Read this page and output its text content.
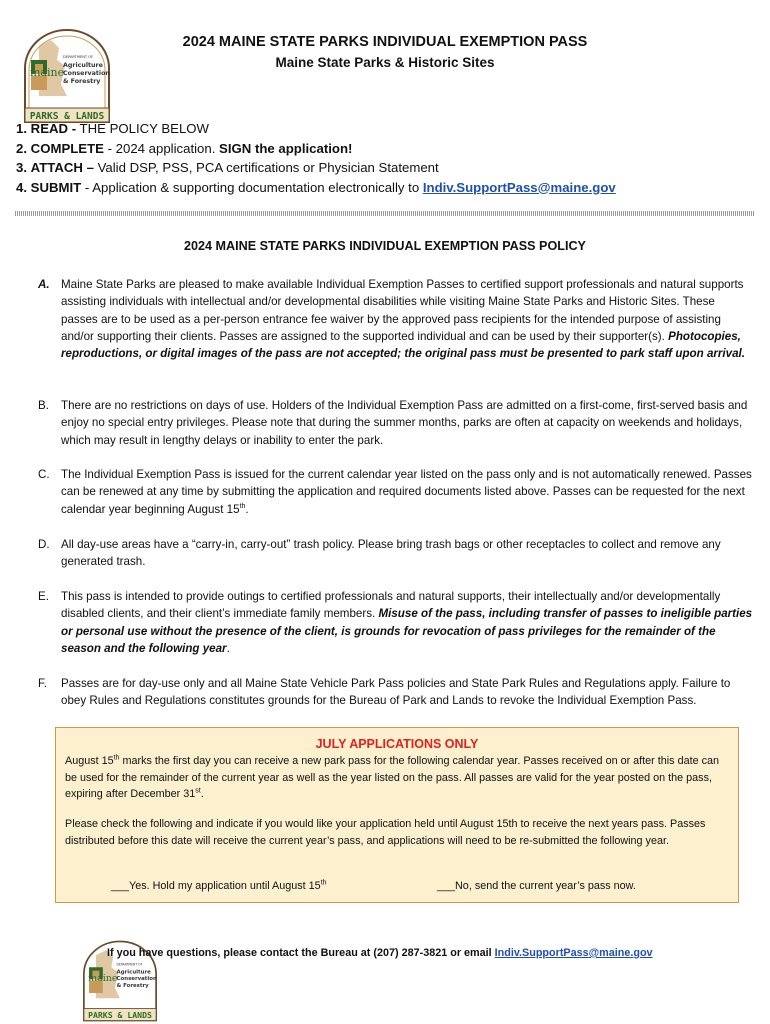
maine
DEPARTMENT OF
Agriculture
Conservation
& Forestry
PARKS & LANDS

2024 MAINE STATE PARKS INDIVIDUAL EXEMPTION PASS

Maine State Parks & Historic Sites

1. READ - THE POLICY BELOW
2. COMPLETE - 2024 application. SIGN the application!
3. ATTACH – Valid DSP, PSS, PCA certifications or Physician Statement
4. SUBMIT - Application & supporting documentation electronically to Indiv.SupportPass@maine.gov
2024 MAINE STATE PARKS INDIVIDUAL EXEMPTION PASS POLICY
A. Maine State Parks are pleased to make available Individual Exemption Passes to certified support professionals and natural supports assisting individuals with intellectual and/or developmental disabilities while visiting Maine State Parks and Historic Sites. These passes are to be used as a per-person entrance fee waiver by the approved pass recipients for the intended purpose of assisting and/or supporting their clients. Passes are assigned to the supported individual and can be used by their supporter(s). Photocopies, reproductions, or digital images of the pass are not accepted; the original pass must be presented to park staff upon arrival.
B.	There are no restrictions on days of use. Holders of the Individual Exemption Pass are admitted on a first-come, first-served basis and enjoy no special entry privileges. Please note that during the summer months, parks are often at capacity on weekends and holidays, which may result in lengthy delays or inability to enter the park.
C. The Individual Exemption Pass is issued for the current calendar year listed on the pass only and is not automatically renewed. Passes can be renewed at any time by submitting the application and required documents listed above. Passes can be requested for the next calendar year beginning August 15th.
D. All day-use areas have a “carry-in, carry-out” trash policy. Please bring trash bags or other receptacles to collect and remove any generated trash.
E.	This pass is intended to provide outings to certified professionals and natural supports, their intellectually and/or developmentally disabled clients, and their client’s immediate family members. Misuse of the pass, including transfer of passes to ineligible parties or personal use without the presence of the client, is grounds for revocation of pass privileges for the remainder of the season and the following year.
F.	Passes are for day-use only and all Maine State Vehicle Park Pass policies and State Park Rules and Regulations apply. Failure to obey Rules and Regulations constitutes grounds for the Bureau of Park and Lands to revoke the Individual Exemption Pass.
JULY APPLICATIONS ONLY

August 15th marks the first day you can receive a new park pass for the following calendar year. Passes received on or after this date can be used for the remainder of the current year as well as the year listed on the pass. All passes are valid for the year posted on the pass, expiring after December 31st.

Please check the following and indicate if you would like your application held until August 15th to receive the next years pass. Passes distributed before this date will receive the current year’s pass, and applications will need to be re-submitted the following year.

___Yes. Hold my application until August 15th	___No, send the current year’s pass now.
maine
DEPARTMENT OF
Agriculture
Conservation
& Forestry
PARKS & LANDS
If you have questions, please contact the Bureau at (207) 287-3821 or email Indiv.SupportPass@maine.gov
